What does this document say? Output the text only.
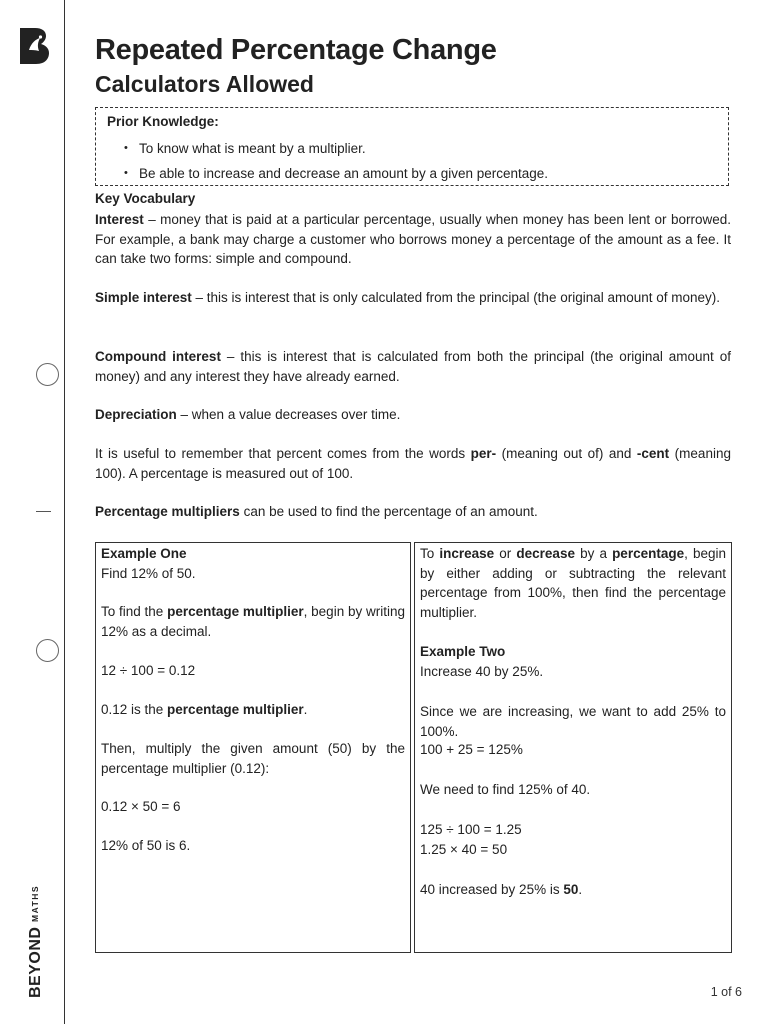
BEYOND
MATHS
Repeated Percentage Change
Calculators Allowed
Prior Knowledge:
• To know what is meant by a multiplier.
• Be able to increase and decrease an amount by a given percentage.
Key Vocabulary

Interest – money that is paid at a particular percentage, usually when money has been lent or borrowed. For example, a bank may charge a customer who borrows money a percentage of the amount as a fee. It can take two forms: simple and compound.

Simple interest – this is interest that is only calculated from the principal (the original amount of money).

Compound interest – this is interest that is calculated from both the principal (the original amount of money) and any interest they have already earned.

Depreciation – when a value decreases over time.

It is useful to remember that percent comes from the words per- (meaning out of) and -cent (meaning 100). A percentage is measured out of 100.

Percentage multipliers can be used to find the percentage of an amount.

Example One

Find 12% of 50.

To find the percentage multiplier, begin by writing 12% as a decimal.

12 ÷ 100 = 0.12

0.12 is the percentage multiplier.

Then, multiply the given amount (50) by the percentage multiplier (0.12):

0.12 × 50 = 6

12% of 50 is 6.

To increase or decrease by a percentage, begin by either adding or subtracting the relevant percentage from 100%, then find the percentage multiplier.

Example Two

Increase 40 by 25%.

Since we are increasing, we want to add 25% to 100%.

100 + 25 = 125%

We need to find 125% of 40.

125 ÷ 100 = 1.25

1.25 × 40 = 50

40 increased by 25% is 50.

1 of 6
